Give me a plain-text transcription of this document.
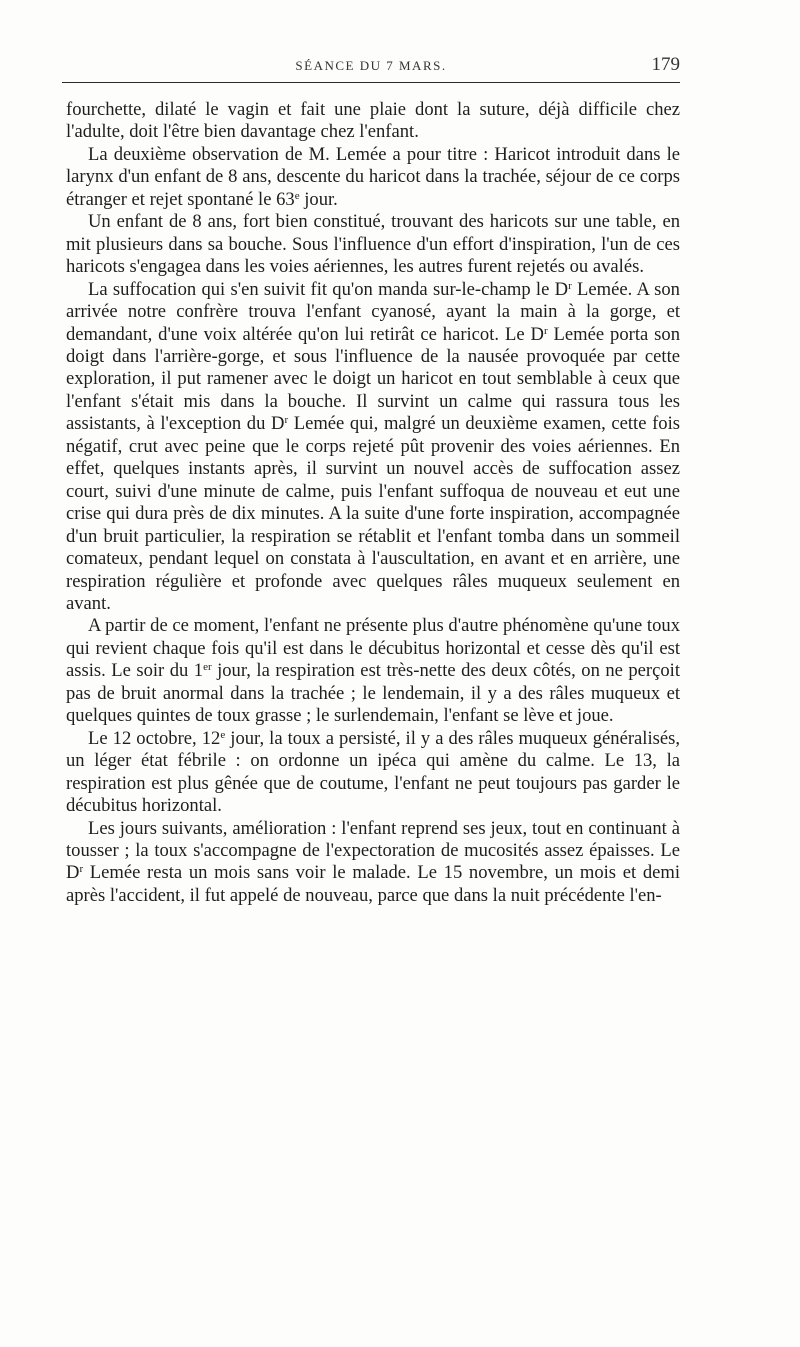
SÉANCE DU 7 MARS.	179

fourchette, dilaté le vagin et fait une plaie dont la suture, déjà difficile chez l'adulte, doit l'être bien davantage chez l'enfant.

La deuxième observation de M. Lemée a pour titre : Haricot introduit dans le larynx d'un enfant de 8 ans, descente du haricot dans la trachée, séjour de ce corps étranger et rejet spontané le 63e jour.

Un enfant de 8 ans, fort bien constitué, trouvant des haricots sur une table, en mit plusieurs dans sa bouche. Sous l'influence d'un effort d'inspiration, l'un de ces haricots s'engagea dans les voies aériennes, les autres furent rejetés ou avalés.

La suffocation qui s'en suivit fit qu'on manda sur-le-champ le $D^r$ Lemée. A son arrivée notre confrère trouva l'enfant cyanosé, ayant la main à la gorge, et demandant, d'une voix altérée qu'on lui retirât ce haricot. Le $D^r$ Lemée porta son doigt dans l'arrière-gorge, et sous l'influence de la nausée provoquée par cette exploration, il put ramener avec le doigt un haricot en tout semblable à ceux que l'enfant s'était mis dans la bouche. Il survint un calme qui rassura tous les assistants, à l'exception du $D^r$ Lemée qui, malgré un deuxième examen, cette fois négatif, crut avec peine que le corps rejeté pût provenir des voies aériennes. En effet, quelques instants après, il survint un nouvel accès de suffocation assez court, suivi d'une minute de calme, puis l'enfant suffoqua de nouveau et eut une crise qui dura près de dix minutes. A la suite d'une forte inspiration, accompagnée d'un bruit particulier, la respiration se rétablit et l'enfant tomba dans un sommeil comateux, pendant lequel on constata à l'auscultation, en avant et en arrière, une respiration régulière et profonde avec quelques râles muqueux seulement en avant.

A partir de ce moment, l'enfant ne présente plus d'autre phénomène qu'une toux qui revient chaque fois qu'il est dans le décubitus horizontal et cesse dès qu'il est assis. Le soir du 1er jour, la respiration est très-nette des deux côtés, on ne perçoit pas de bruit anormal dans la trachée ; le lendemain, il y a des râles muqueux et quelques quintes de toux grasse ; le surlendemain, l'enfant se lève et joue.

Le 12 octobre, 12e jour, la toux a persisté, il y a des râles muqueux généralisés, un léger état fébrile : on ordonne un ipéca qui amène du calme. Le 13, la respiration est plus gênée que de coutume, l'enfant ne peut toujours pas garder le décubitus horizontal.

Les jours suivants, amélioration : l'enfant reprend ses jeux, tout en continuant à tousser ; la toux s'accompagne de l'expectoration de mucosités assez épaisses. Le $D^r$ Lemée resta un mois sans voir le malade. Le 15 novembre, un mois et demi après l'accident, il fut appelé de nouveau, parce que dans la nuit précédente l'en-
